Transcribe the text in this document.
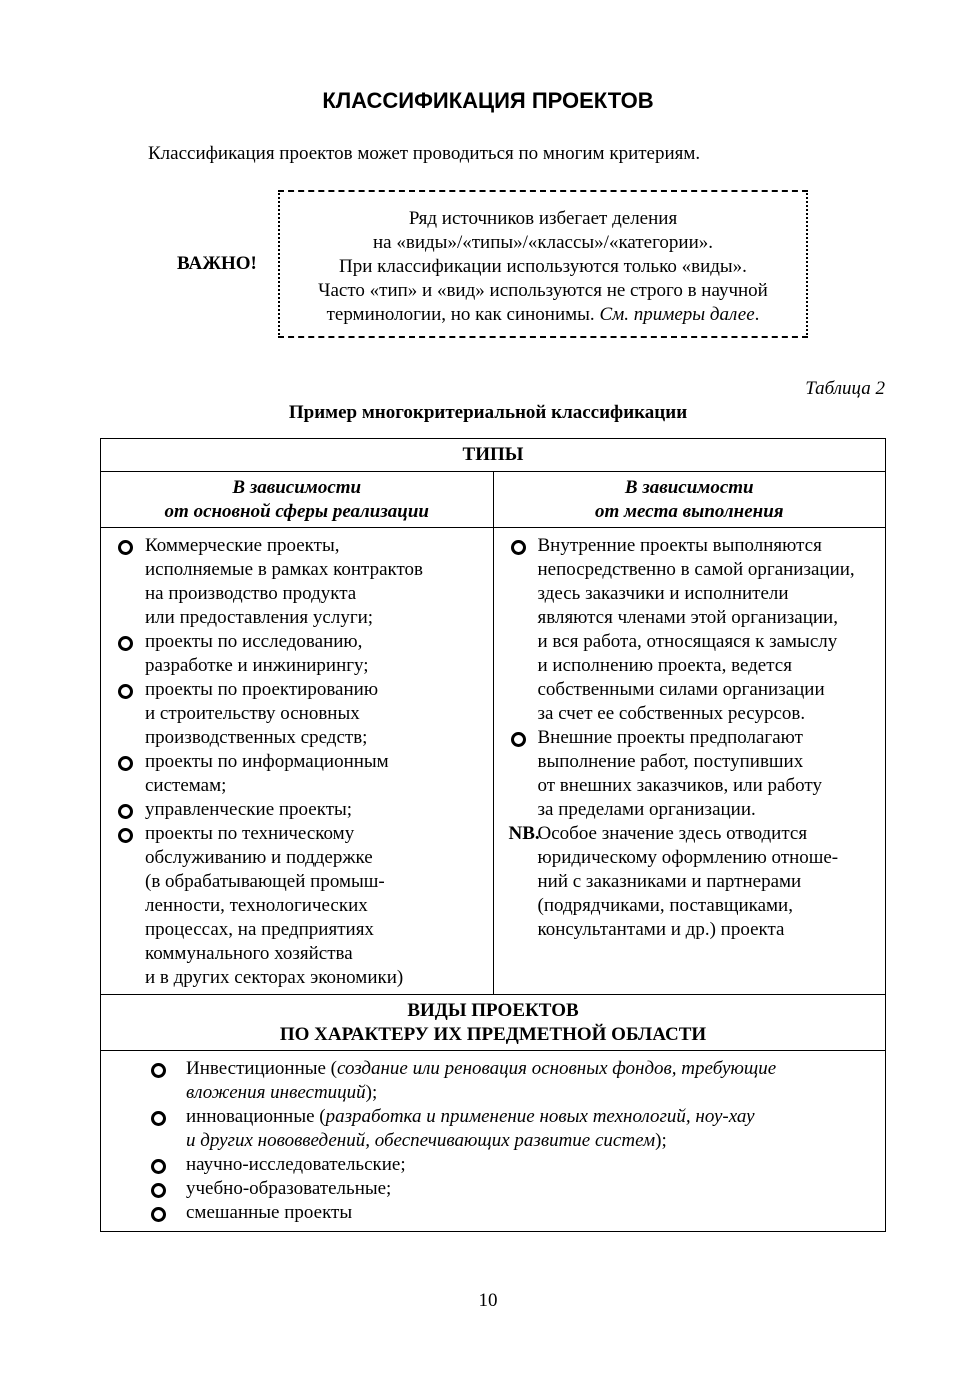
КЛАССИФИКАЦИЯ ПРОЕКТОВ
Классификация проектов может проводиться по многим критериям.
ВАЖНО!
Ряд источников избегает деления
на «виды»/«типы»/«классы»/«категории».
При классификации используются только «виды».
Часто «тип» и «вид» используются не строго в научной
терминологии, но как синонимы. См. примеры далее.
Таблица 2
Пример многокритериальной классификации
ТИПЫ
В зависимости
от основной сферы реализации
В зависимости
от места выполнения
Коммерческие проекты,
исполняемые в рамках контрактов
на производство продукта
или предоставления услуги;
проекты по исследованию,
разработке и инжинирингу;
проекты по проектированию
и строительству основных
производственных средств;
проекты по информационным
системам;
управленческие проекты;
проекты по техническому
обслуживанию и поддержке
(в обрабатывающей промыш-
ленности, технологических
процессах, на предприятиях
коммунального хозяйства
и в других секторах экономики)
Внутренние проекты выполняются
непосредственно в самой организации,
здесь заказчики и исполнители
являются членами этой организации,
и вся работа, относящаяся к замыслу
и исполнению проекта, ведется
собственными силами организации
за счет ее собственных ресурсов.
Внешние проекты предполагают
выполнение работ, поступивших
от внешних заказчиков, или работу
за пределами организации.
NB.
Особое значение здесь отводится
юридическому оформлению отноше-
ний с заказниками и партнерами
(подрядчиками, поставщиками,
консультантами и др.) проекта
ВИДЫ ПРОЕКТОВ
ПО ХАРАКТЕРУ ИХ ПРЕДМЕТНОЙ ОБЛАСТИ
Инвестиционные (создание или реновация основных фондов, требующие
вложения инвестиций);
инновационные (разработка и применение новых технологий, ноу-хау
и других нововведений, обеспечивающих развитие систем);
научно-исследовательские;
учебно-образовательные;
смешанные проекты
10
